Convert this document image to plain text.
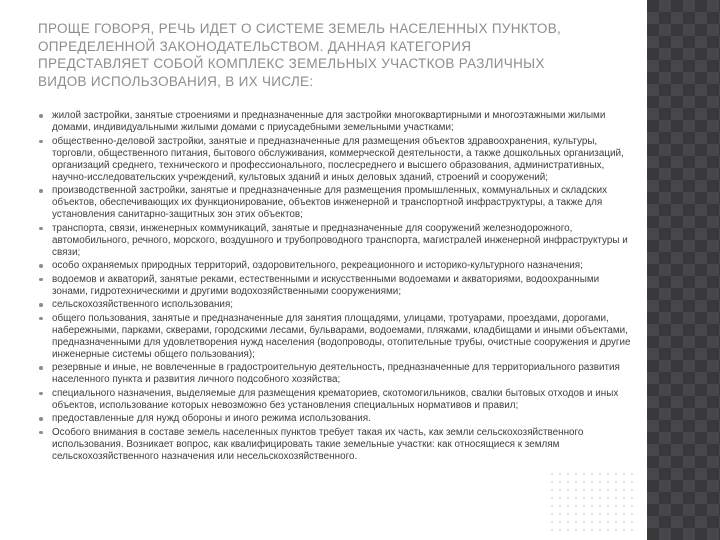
ПРОЩЕ ГОВОРЯ, РЕЧЬ ИДЕТ О СИСТЕМЕ ЗЕМЕЛЬ НАСЕЛЕННЫХ ПУНКТОВ, ОПРЕДЕЛЕННОЙ ЗАКОНОДАТЕЛЬСТВОМ. ДАННАЯ КАТЕГОРИЯ ПРЕДСТАВЛЯЕТ СОБОЙ КОМПЛЕКС ЗЕМЕЛЬНЫХ УЧАСТКОВ РАЗЛИЧНЫХ ВИДОВ ИСПОЛЬЗОВАНИЯ, В ИХ ЧИСЛЕ:
жилой застройки, занятые строениями и предназначенные для застройки многоквартирными и многоэтажными жилыми домами, индивидуальными жилыми домами с приусадебными земельными участками;
общественно-деловой застройки, занятые и предназначенные для размещения объектов здравоохранения, культуры, торговли, общественного питания, бытового обслуживания, коммерческой деятельности, а также дошкольных организаций, организаций среднего, технического и профессионального, послесреднего и высшего образования, административных, научно-исследовательских учреждений, культовых зданий и иных деловых зданий, строений и сооружений;
производственной застройки, занятые и предназначенные для размещения промышленных, коммунальных и складских объектов, обеспечивающих их функционирование, объектов инженерной и транспортной инфраструктуры, а также для установления санитарно-защитных зон этих объектов;
транспорта, связи, инженерных коммуникаций, занятые и предназначенные для сооружений железнодорожного, автомобильного, речного, морского, воздушного и трубопроводного транспорта, магистралей инженерной инфраструктуры и связи;
особо охраняемых природных территорий, оздоровительного, рекреационного и историко-культурного назначения;
водоемов и акваторий, занятые реками, естественными и искусственными водоемами и акваториями, водоохранными зонами, гидротехническими и другими водохозяйственными сооружениями;
сельскохозяйственного использования;
общего пользования, занятые и предназначенные для занятия площадями, улицами, тротуарами, проездами, дорогами, набережными, парками, скверами, городскими лесами, бульварами, водоемами, пляжами, кладбищами и иными объектами, предназначенными для удовлетворения нужд населения (водопроводы, отопительные трубы, очистные сооружения и другие инженерные системы общего пользования);
резервные и иные, не вовлеченные в градостроительную деятельность, предназначенные для территориального развития населенного пункта и развития личного подсобного хозяйства;
специального назначения, выделяемые для размещения крематориев, скотомогильников, свалки бытовых отходов и иных объектов, использование которых невозможно без установления специальных нормативов и правил;
предоставленные для нужд обороны и иного режима использования.
Особого внимания в составе земель населенных пунктов требует такая их часть, как земли сельскохозяйственного использования. Возникает вопрос, как квалифицировать такие земельные участки: как относящиеся к землям сельскохозяйственного назначения или несельскохозяйственного.
